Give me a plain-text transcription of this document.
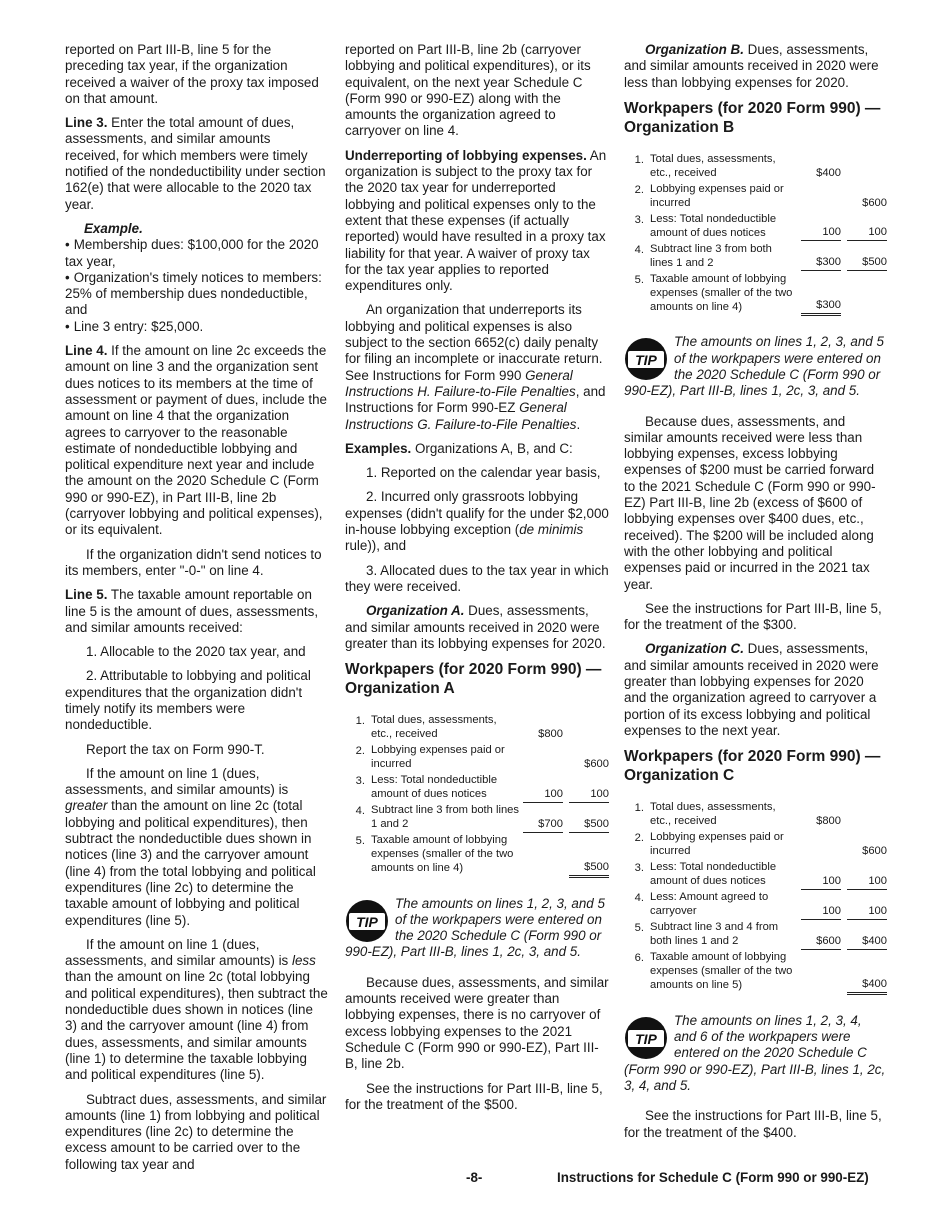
reported on Part III-B, line 5 for the preceding tax year, if the organization received a waiver of the proxy tax imposed on that amount.

Line 3. Enter the total amount of dues, assessments, and similar amounts received, for which members were timely notified of the nondeductibility under section 162(e) that were allocable to the 2020 tax year.

Example.

• Membership dues: $100,000 for the 2020 tax year,

• Organization's timely notices to members: 25% of membership dues nondeductible, and

• Line 3 entry: $25,000.

Line 4. If the amount on line 2c exceeds the amount on line 3 and the organization sent dues notices to its members at the time of assessment or payment of dues, include the amount on line 4 that the organization agrees to carryover to the reasonable estimate of nondeductible lobbying and political expenditure next year and include the amount on the 2020 Schedule C (Form 990 or 990-EZ), in Part III-B, line 2b (carryover lobbying and political expenses), or its equivalent.

If the organization didn't send notices to its members, enter "-0-" on line 4.

Line 5. The taxable amount reportable on line 5 is the amount of dues, assessments, and similar amounts received:

1. Allocable to the 2020 tax year, and

2. Attributable to lobbying and political expenditures that the organization didn't timely notify its members were nondeductible.

Report the tax on Form 990-T.

If the amount on line 1 (dues, assessments, and similar amounts) is greater than the amount on line 2c (total lobbying and political expenditures), then subtract the nondeductible dues shown in notices (line 3) and the carryover amount (line 4) from the total lobbying and political expenditures (line 2c) to determine the taxable amount of lobbying and political expenditures (line 5).

If the amount on line 1 (dues, assessments, and similar amounts) is less than the amount on line 2c (total lobbying and political expenditures), then subtract the nondeductible dues shown in notices (line 3) and the carryover amount (line 4) from dues, assessments, and similar amounts (line 1) to determine the taxable lobbying and political expenditures (line 5).

Subtract dues, assessments, and similar amounts (line 1) from lobbying and political expenditures (line 2c) to determine the excess amount to be carried over to the following tax year and

reported on Part III-B, line 2b (carryover lobbying and political expenditures), or its equivalent, on the next year Schedule C (Form 990 or 990-EZ) along with the amounts the organization agreed to carryover on line 4.

Underreporting of lobbying expenses. An organization is subject to the proxy tax for the 2020 tax year for underreported lobbying and political expenses only to the extent that these expenses (if actually reported) would have resulted in a proxy tax liability for that year. A waiver of proxy tax for the tax year applies to reported expenditures only.

An organization that underreports its lobbying and political expenses is also subject to the section 6652(c) daily penalty for filing an incomplete or inaccurate return. See Instructions for Form 990 General Instructions H. Failure-to-File Penalties, and Instructions for Form 990-EZ General Instructions G. Failure-to-File Penalties.

Examples. Organizations A, B, and C:

1. Reported on the calendar year basis,

2. Incurred only grassroots lobbying expenses (didn't qualify for the under $2,000 in-house lobbying exception (de minimis rule)), and

3. Allocated dues to the tax year in which they were received.

Organization A. Dues, assessments, and similar amounts received in 2020 were greater than its lobbying expenses for 2020.

Workpapers (for 2020 Form 990) — Organization A
1.	Total dues, assessments, etc., received	$800		
2.	Lobbying expenses paid or incurred			$600
3.	Less: Total nondeductible amount of dues notices	100		100
4.	Subtract line 3 from both lines 1 and 2	$700		$500
5.	Taxable amount of lobbying expenses (smaller of the two amounts on line 4)			$500
TIP
The amounts on lines 1, 2, 3, and 5 of the workpapers were entered on the 2020 Schedule C (Form 990 or 990-EZ), Part III-B, lines 1, 2c, 3, and 5.

Because dues, assessments, and similar amounts received were greater than lobbying expenses, there is no carryover of excess lobbying expenses to the 2021 Schedule C (Form 990 or 990-EZ), Part III-B, line 2b.

See the instructions for Part III-B, line 5, for the treatment of the $500.

Organization B. Dues, assessments, and similar amounts received in 2020 were less than lobbying expenses for 2020.

Workpapers (for 2020 Form 990) — Organization B
1.	Total dues, assessments, etc., received	$400		
2.	Lobbying expenses paid or incurred			$600
3.	Less: Total nondeductible amount of dues notices	100		100
4.	Subtract line 3 from both lines 1 and 2	$300		$500
5.	Taxable amount of lobbying expenses (smaller of the two amounts on line 4)	$300		
TIP
The amounts on lines 1, 2, 3, and 5 of the workpapers were entered on the 2020 Schedule C (Form 990 or 990-EZ), Part III-B, lines 1, 2c, 3, and 5.

Because dues, assessments, and similar amounts received were less than lobbying expenses, excess lobbying expenses of $200 must be carried forward to the 2021 Schedule C (Form 990 or 990-EZ) Part III-B, line 2b (excess of $600 of lobbying expenses over $400 dues, etc., received). The $200 will be included along with the other lobbying and political expenses paid or incurred in the 2021 tax year.

See the instructions for Part III-B, line 5, for the treatment of the $300.

Organization C. Dues, assessments, and similar amounts received in 2020 were greater than lobbying expenses for 2020 and the organization agreed to carryover a portion of its excess lobbying and political expenses to the next year.

Workpapers (for 2020 Form 990) — Organization C
1.	Total dues, assessments, etc., received	$800		
2.	Lobbying expenses paid or incurred			$600
3.	Less: Total nondeductible amount of dues notices	100		100
4.	Less: Amount agreed to carryover	100		100
5.	Subtract line 3 and 4 from both lines 1 and 2	$600		$400
6.	Taxable amount of lobbying expenses (smaller of the two amounts on line 5)			$400
TIP
The amounts on lines 1, 2, 3, 4, and 6 of the workpapers were entered on the 2020 Schedule C (Form 990 or 990-EZ), Part III-B, lines 1, 2c, 3, 4, and 5.

See the instructions for Part III-B, line 5, for the treatment of the $400.

-8-	Instructions for Schedule C (Form 990 or 990-EZ)
